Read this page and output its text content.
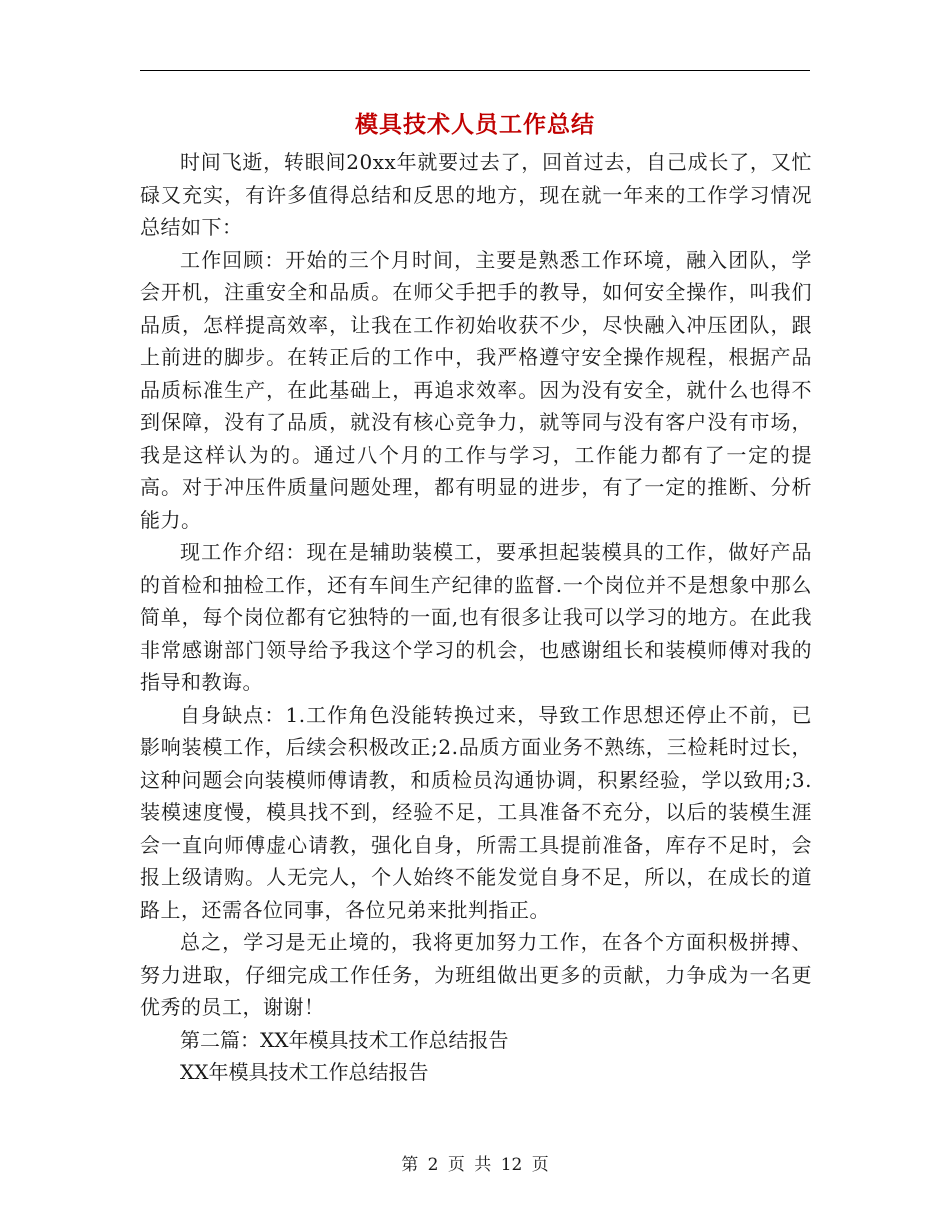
模具技术人员工作总结

时间飞逝，转眼间20xx年就要过去了，回首过去，自己成长了，又忙碌又充实，有许多值得总结和反思的地方，现在就一年来的工作学习情况总结如下：

工作回顾：开始的三个月时间，主要是熟悉工作环境，融入团队，学会开机，注重安全和品质。在师父手把手的教导，如何安全操作，叫我们品质，怎样提高效率，让我在工作初始收获不少，尽快融入冲压团队，跟上前进的脚步。在转正后的工作中，我严格遵守安全操作规程，根据产品品质标准生产，在此基础上，再追求效率。因为没有安全，就什么也得不到保障，没有了品质，就没有核心竞争力，就等同与没有客户没有市场，我是这样认为的。通过八个月的工作与学习，工作能力都有了一定的提高。对于冲压件质量问题处理，都有明显的进步，有了一定的推断、分析能力。

现工作介绍：现在是辅助装模工，要承担起装模具的工作，做好产品的首检和抽检工作，还有车间生产纪律的监督.一个岗位并不是想象中那么简单，每个岗位都有它独特的一面,也有很多让我可以学习的地方。在此我非常感谢部门领导给予我这个学习的机会，也感谢组长和装模师傅对我的指导和教诲。

自身缺点：1.工作角色没能转换过来，导致工作思想还停止不前，已影响装模工作，后续会积极改正;2.品质方面业务不熟练，三检耗时过长，这种问题会向装模师傅请教，和质检员沟通协调，积累经验，学以致用;3.装模速度慢，模具找不到，经验不足，工具准备不充分，以后的装模生涯会一直向师傅虚心请教，强化自身，所需工具提前准备，库存不足时，会报上级请购。人无完人，个人始终不能发觉自身不足，所以，在成长的道路上，还需各位同事，各位兄弟来批判指正。

总之，学习是无止境的，我将更加努力工作，在各个方面积极拼搏、努力进取，仔细完成工作任务，为班组做出更多的贡献，力争成为一名更优秀的员工，谢谢！

第二篇：XX年模具技术工作总结报告

XX年模具技术工作总结报告

第 2 页 共 12 页
